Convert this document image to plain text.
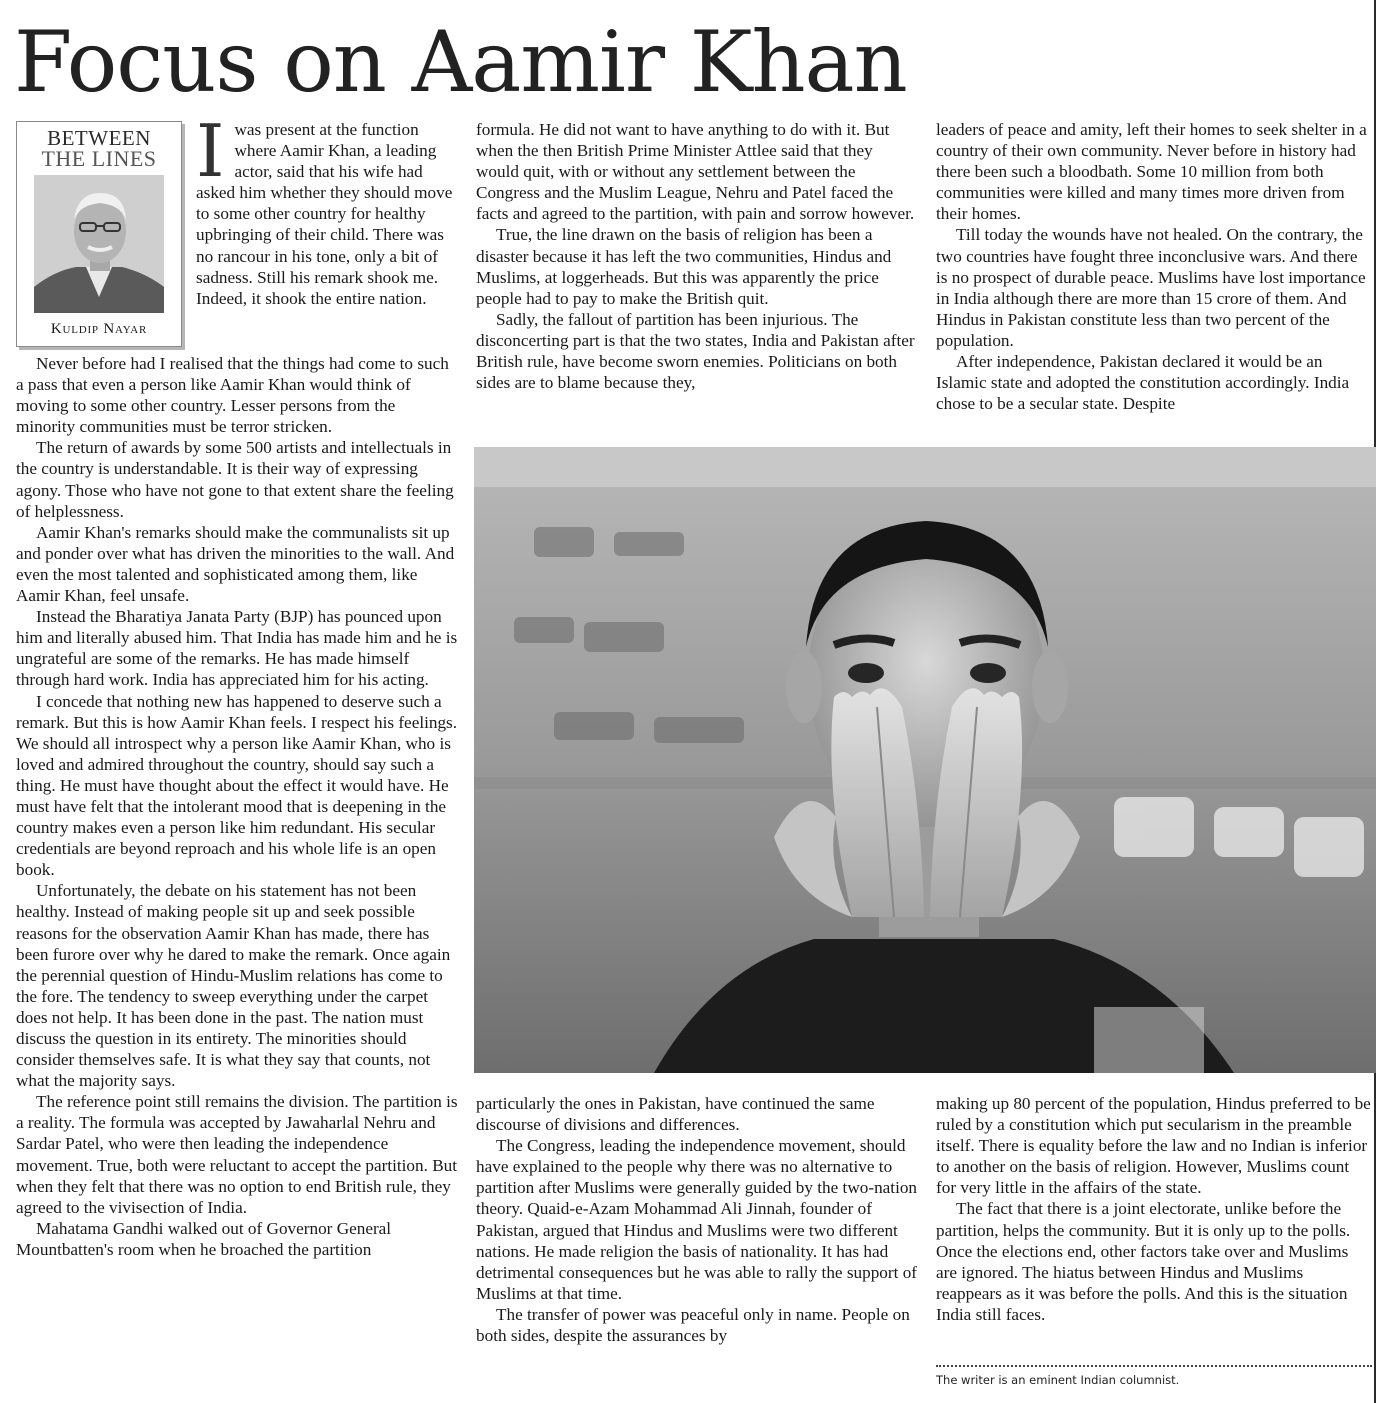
Focus on Aamir Khan
BETWEEN
THE LINES
Kuldip Nayar
I was present at the function where Aamir Khan, a leading actor, said that his wife had asked him whether they should move to some other country for healthy upbringing of their child. There was no rancour in his tone, only a bit of sadness. Still his remark shook me. Indeed, it shook the entire nation.

Never before had I realised that the things had come to such a pass that even a person like Aamir Khan would think of moving to some other country. Lesser persons from the minority communities must be terror stricken.

The return of awards by some 500 artists and intellectuals in the country is understandable. It is their way of expressing agony. Those who have not gone to that extent share the feeling of helplessness.

Aamir Khan's remarks should make the communalists sit up and ponder over what has driven the minorities to the wall. And even the most talented and sophisticated among them, like Aamir Khan, feel unsafe.

Instead the Bharatiya Janata Party (BJP) has pounced upon him and literally abused him. That India has made him and he is ungrateful are some of the remarks. He has made himself through hard work. India has appreciated him for his acting.

I concede that nothing new has happened to deserve such a remark. But this is how Aamir Khan feels. I respect his feelings. We should all introspect why a person like Aamir Khan, who is loved and admired throughout the country, should say such a thing. He must have thought about the effect it would have. He must have felt that the intolerant mood that is deepening in the country makes even a person like him redundant. His secular credentials are beyond reproach and his whole life is an open book.

Unfortunately, the debate on his statement has not been healthy. Instead of making people sit up and seek possible reasons for the observation Aamir Khan has made, there has been furore over why he dared to make the remark. Once again the perennial question of Hindu-Muslim relations has come to the fore. The tendency to sweep everything under the carpet does not help. It has been done in the past. The nation must discuss the question in its entirety. The minorities should consider themselves safe. It is what they say that counts, not what the majority says.

The reference point still remains the division. The partition is a reality. The formula was accepted by Jawaharlal Nehru and Sardar Patel, who were then leading the independence movement. True, both were reluctant to accept the partition. But when they felt that there was no option to end British rule, they agreed to the vivisection of India.

Mahatama Gandhi walked out of Governor General Mountbatten's room when he broached the partition

formula. He did not want to have anything to do with it. But when the then British Prime Minister Attlee said that they would quit, with or without any settlement between the Congress and the Muslim League, Nehru and Patel faced the facts and agreed to the partition, with pain and sorrow however.

True, the line drawn on the basis of religion has been a disaster because it has left the two communities, Hindus and Muslims, at loggerheads. But this was apparently the price people had to pay to make the British quit.

Sadly, the fallout of partition has been injurious. The disconcerting part is that the two states, India and Pakistan after British rule, have become sworn enemies. Politicians on both sides are to blame because they,

leaders of peace and amity, left their homes to seek shelter in a country of their own community. Never before in history had there been such a bloodbath. Some 10 million from both communities were killed and many times more driven from their homes.

Till today the wounds have not healed. On the contrary, the two countries have fought three inconclusive wars. And there is no prospect of durable peace. Muslims have lost importance in India although there are more than 15 crore of them. And Hindus in Pakistan constitute less than two percent of the population.

After independence, Pakistan declared it would be an Islamic state and adopted the constitution accordingly. India chose to be a secular state. Despite

particularly the ones in Pakistan, have continued the same discourse of divisions and differences.

The Congress, leading the independence movement, should have explained to the people why there was no alternative to partition after Muslims were generally guided by the two-nation theory. Quaid-e-Azam Mohammad Ali Jinnah, founder of Pakistan, argued that Hindus and Muslims were two different nations. He made religion the basis of nationality. It has had detrimental consequences but he was able to rally the support of Muslims at that time.

The transfer of power was peaceful only in name. People on both sides, despite the assurances by

making up 80 percent of the population, Hindus preferred to be ruled by a constitution which put secularism in the preamble itself. There is equality before the law and no Indian is inferior to another on the basis of religion. However, Muslims count for very little in the affairs of the state.

The fact that there is a joint electorate, unlike before the partition, helps the community. But it is only up to the polls. Once the elections end, other factors take over and Muslims are ignored. The hiatus between Hindus and Muslims reappears as it was before the polls. And this is the situation India still faces.

The writer is an eminent Indian columnist.
